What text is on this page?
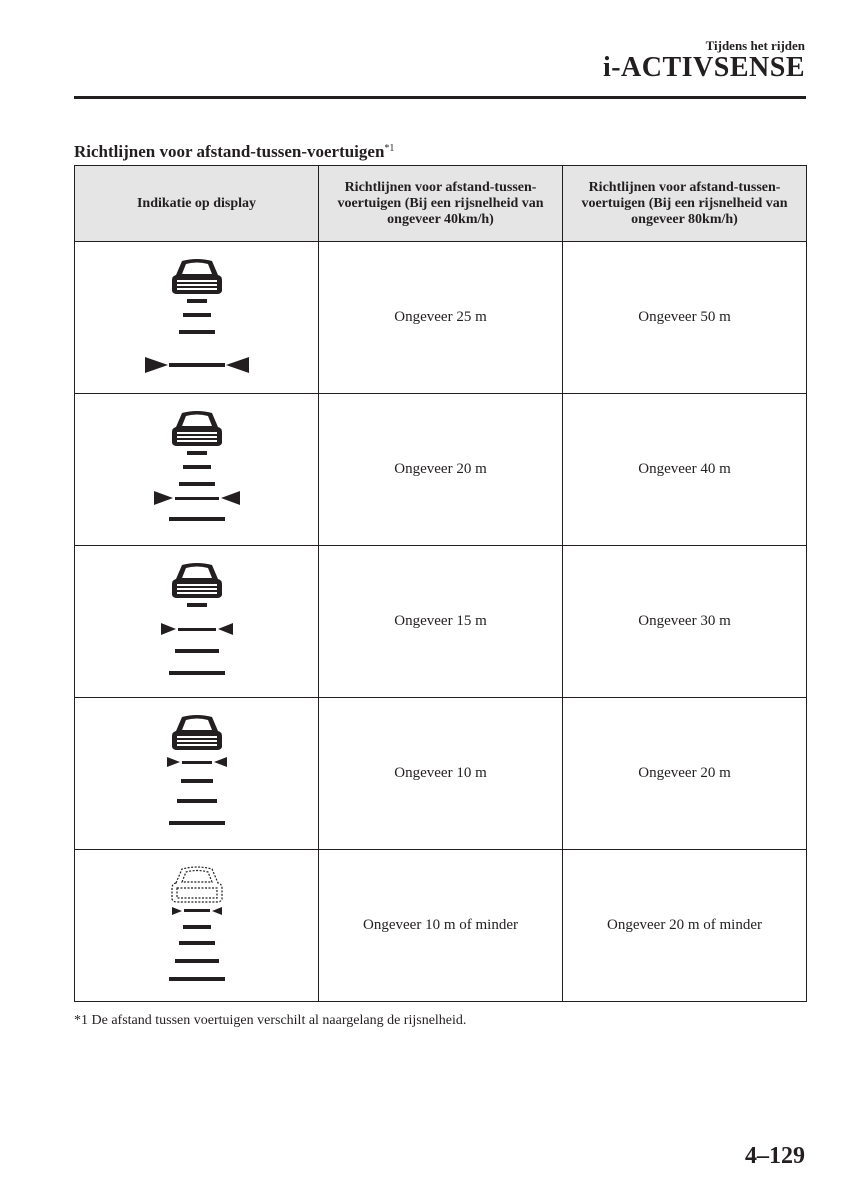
Tijdens het rijden
i-ACTIVSENSE
Richtlijnen voor afstand-tussen-voertuigen$^{*1}$
Indikatie op display	Richtlijnen voor afstand-tussen-voertuigen (Bij een rijsnelheid van ongeveer 40km/h)	Richtlijnen voor afstand-tussen-voertuigen (Bij een rijsnelheid van ongeveer 80km/h)

	Ongeveer 25 m	Ongeveer 50 m

	Ongeveer 20 m	Ongeveer 40 m

	Ongeveer 15 m	Ongeveer 30 m

	Ongeveer 10 m	Ongeveer 20 m

	Ongeveer 10 m of minder	Ongeveer 20 m of minder
*1 De afstand tussen voertuigen verschilt al naargelang de rijsnelheid.
4–129
